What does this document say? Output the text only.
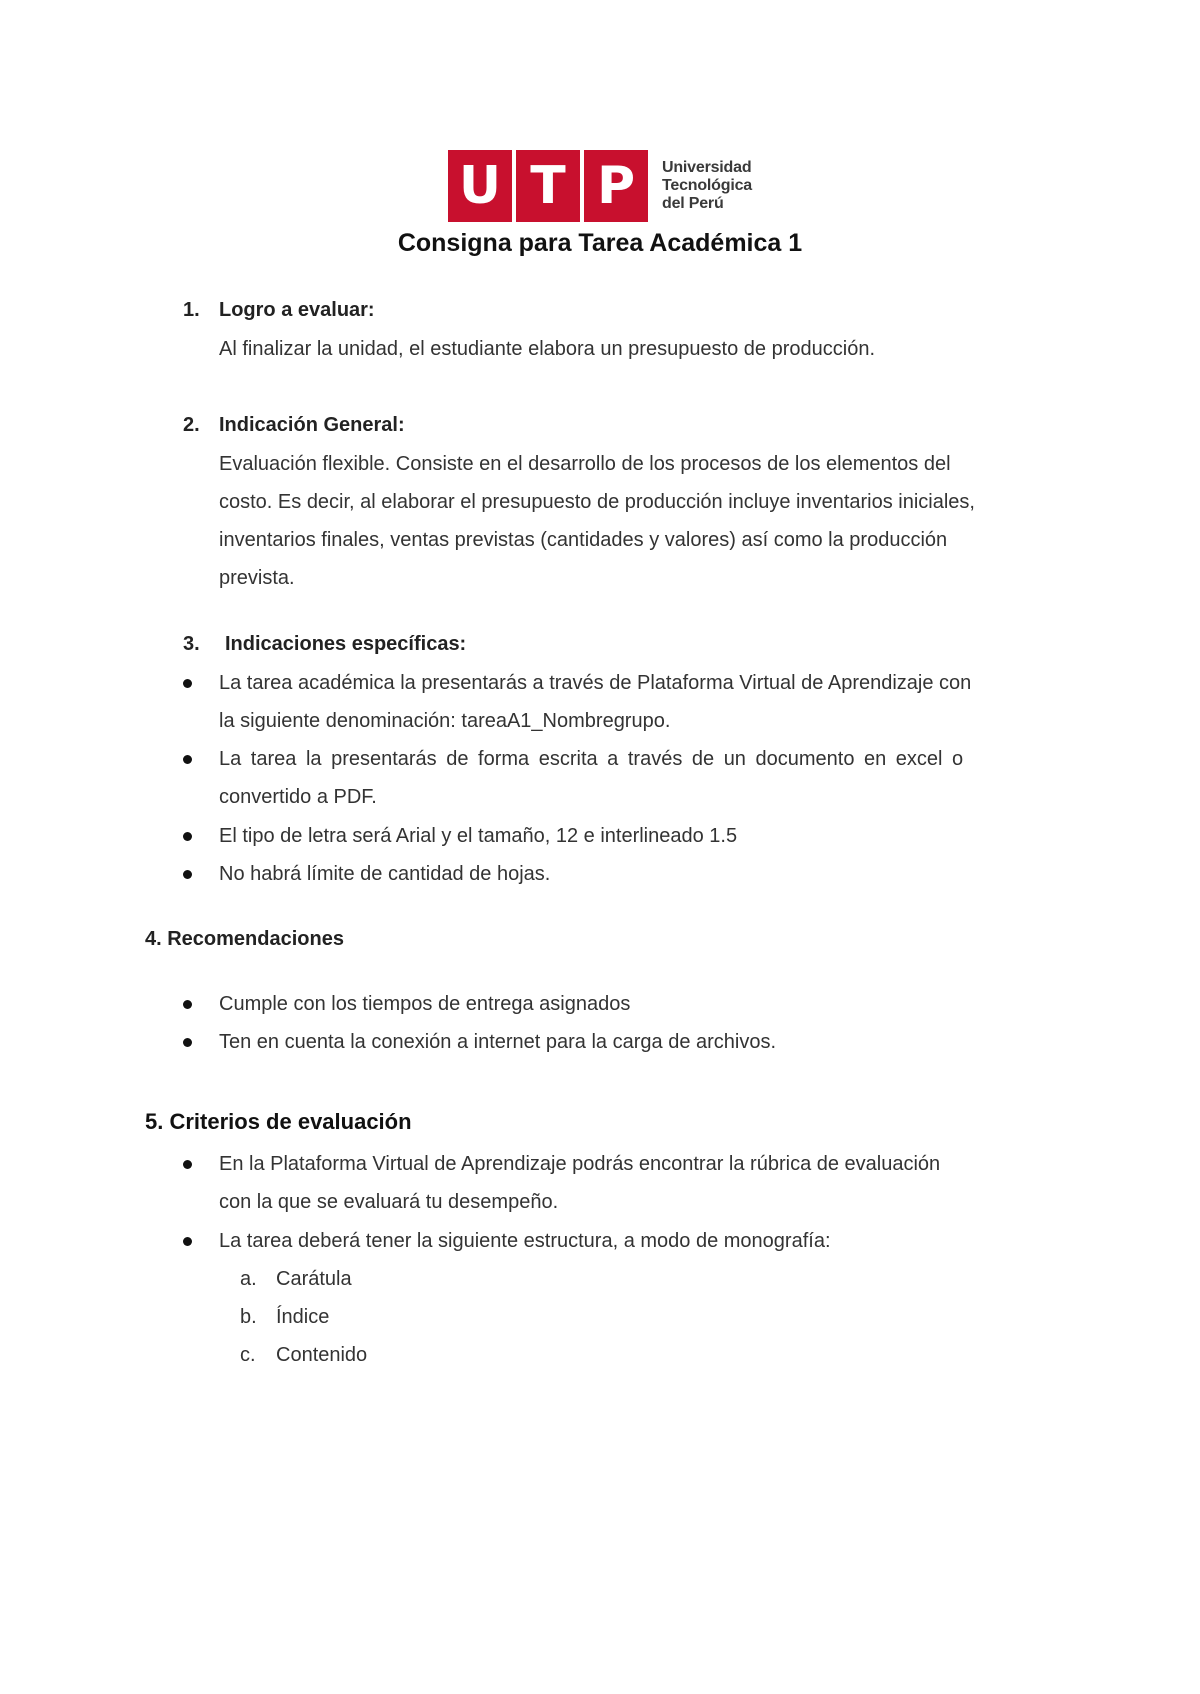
U T P	Universidad
Tecnológica
del Perú
Consigna para Tarea Académica 1
1. Logro a evaluar:
Al finalizar la unidad, el estudiante elabora un presupuesto de producción.
2. Indicación General:
Evaluación flexible. Consiste en el desarrollo de los procesos de los elementos del
costo. Es decir, al elaborar el presupuesto de producción incluye inventarios iniciales,
inventarios finales, ventas previstas (cantidades y valores) así como la producción
prevista.
3. Indicaciones específicas:
La tarea académica la presentarás a través de Plataforma Virtual de Aprendizaje con
la siguiente denominación: tareaA1_Nombregrupo.
La tarea la presentarás de forma escrita a través de un documento en excel o
convertido a PDF.
El tipo de letra será Arial y el tamaño, 12 e interlineado 1.5
No habrá límite de cantidad de hojas.
4. Recomendaciones
Cumple con los tiempos de entrega asignados
Ten en cuenta la conexión a internet para la carga de archivos.
5. Criterios de evaluación
En la Plataforma Virtual de Aprendizaje podrás encontrar la rúbrica de evaluación
con la que se evaluará tu desempeño.
La tarea deberá tener la siguiente estructura, a modo de monografía:
a. Carátula
b. Índice
c. Contenido
